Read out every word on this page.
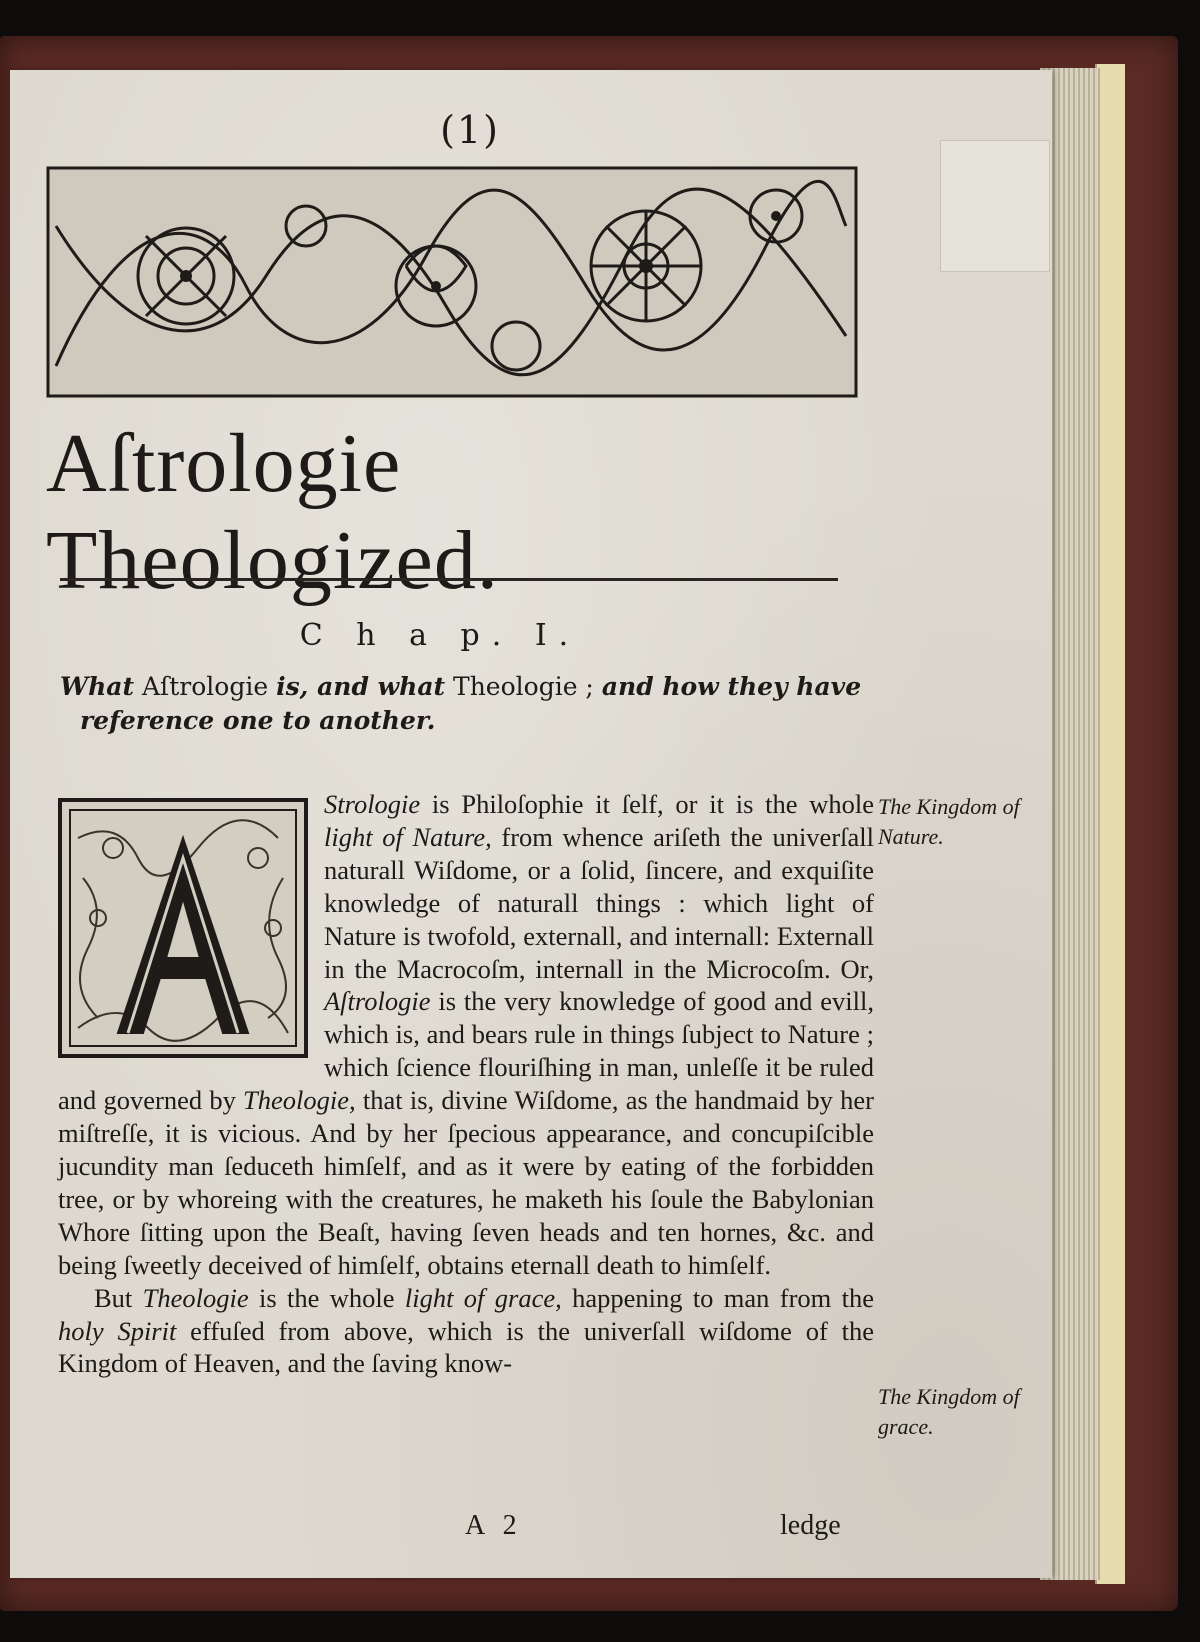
(1)
Aſtrologie Theologized.
C h a p. I.
What Aſtrologie is, and what Theologie ; and how they have reference one to another.

Strologie is Philoſophie it ſelf, or it is the whole light of Nature, from whence ariſeth the univerſall naturall Wiſdome, or a ſolid, ſincere, and exquiſite knowledge of naturall things : which light of Nature is twofold, externall, and internall: Externall in the Macrocoſm, internall in the Microcoſm. Or, Aſtrologie is the very knowledge of good and evill, which is, and bears rule in things ſubject to Nature ; which ſcience flouriſhing in man, unleſſe it be ruled and governed by Theologie, that is, divine Wiſdome, as the handmaid by her miſtreſſe, it is vicious. And by her ſpecious appearance, and concupiſcible jucundity man ſeduceth himſelf, and as it were by eating of the forbidden tree, or by whoreing with the creatures, he maketh his ſoule the Babylonian Whore ſitting upon the Beaſt, having ſeven heads and ten hornes, &c. and being ſweetly deceived of himſelf, obtains eternall death to himſelf.

But Theologie is the whole light of grace, happening to man from the holy Spirit effuſed from above, which is the univerſall wiſdome of the Kingdom of Heaven, and the ſaving know-

The Kingdom of Nature.
The Kingdom of grace.
A 2	ledge
